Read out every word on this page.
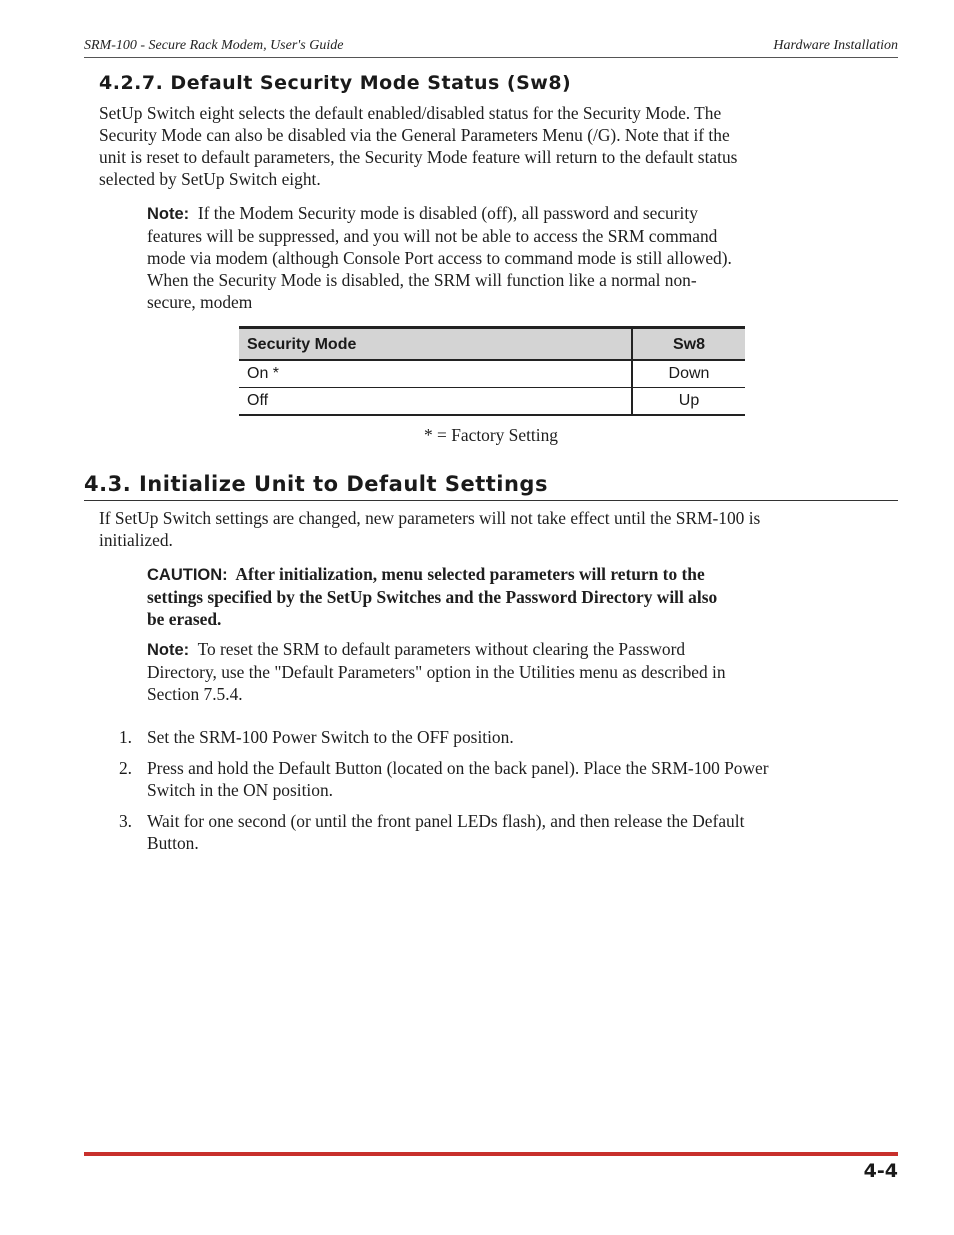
SRM-100 - Secure Rack Modem, User's Guide	Hardware Installation
4.2.7. Default Security Mode Status (Sw8)
SetUp Switch eight selects the default enabled/disabled status for the Security Mode. The
Security Mode can also be disabled via the General Parameters Menu (/G). Note that if the
unit is reset to default parameters, the Security Mode feature will return to the default status
selected by SetUp Switch eight.
Note: If the Modem Security mode is disabled (off), all password and security
features will be suppressed, and you will not be able to access the SRM command
mode via modem (although Console Port access to command mode is still allowed).
When the Security Mode is disabled, the SRM will function like a normal non-
secure, modem
Security Mode	Sw8
On *	Down
Off	Up
* = Factory Setting
4.3. Initialize Unit to Default Settings
If SetUp Switch settings are changed, new parameters will not take effect until the SRM-100 is
initialized.
CAUTION: After initialization, menu selected parameters will return to the
settings specified by the SetUp Switches and the Password Directory will also
be erased.
Note: To reset the SRM to default parameters without clearing the Password
Directory, use the "Default Parameters" option in the Utilities menu as described in
Section 7.5.4.
1. Set the SRM-100 Power Switch to the OFF position.
2. Press and hold the Default Button (located on the back panel). Place the SRM-100 Power
Switch in the ON position.
3. Wait for one second (or until the front panel LEDs flash), and then release the Default
Button.
4-4
